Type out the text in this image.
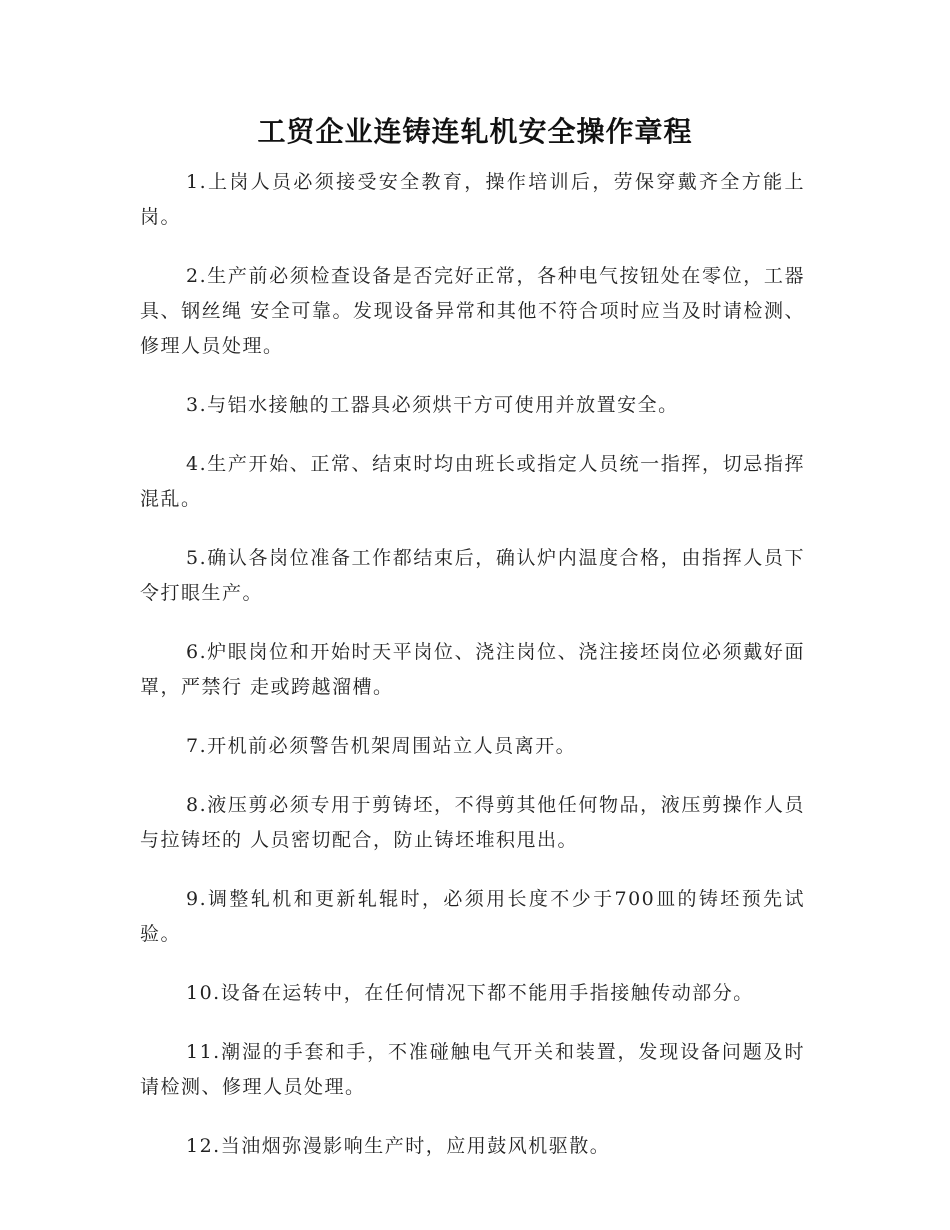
工贸企业连铸连轧机安全操作章程

1.上岗人员必须接受安全教育，操作培训后，劳保穿戴齐全方能上岗。

2.生产前必须检查设备是否完好正常，各种电气按钮处在零位，工器具、钢丝绳 安全可靠。发现设备异常和其他不符合项时应当及时请检测、修理人员处理。

3.与铝水接触的工器具必须烘干方可使用并放置安全。

4.生产开始、正常、结束时均由班长或指定人员统一指挥，切忌指挥混乱。

5.确认各岗位准备工作都结束后，确认炉内温度合格，由指挥人员下令打眼生产。

6.炉眼岗位和开始时天平岗位、浇注岗位、浇注接坯岗位必须戴好面罩，严禁行 走或跨越溜槽。

7.开机前必须警告机架周围站立人员离开。

8.液压剪必须专用于剪铸坯，不得剪其他任何物品，液压剪操作人员与拉铸坯的 人员密切配合，防止铸坯堆积甩出。

9.调整轧机和更新轧辊时，必须用长度不少于700皿的铸坯预先试验。

10.设备在运转中，在任何情况下都不能用手指接触传动部分。

11.潮湿的手套和手，不准碰触电气开关和装置，发现设备问题及时请检测、修理人员处理。

12.当油烟弥漫影响生产时，应用鼓风机驱散。
